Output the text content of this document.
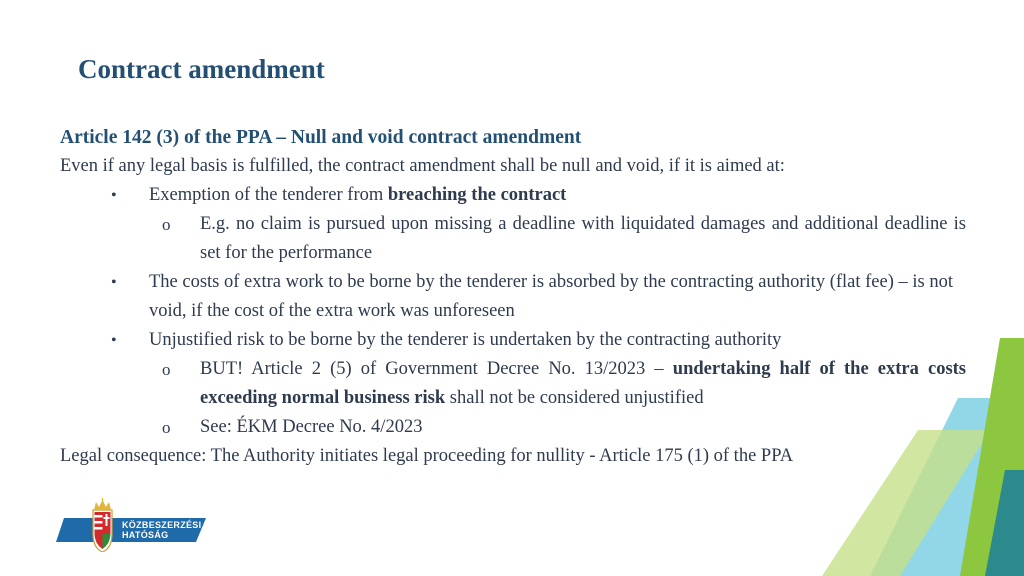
Contract amendment
Article 142 (3) of the PPA – Null and void contract amendment
Even if any legal basis is fulfilled, the contract amendment shall be null and void, if it is aimed at:
• Exemption of the tenderer from breaching the contract
o E.g. no claim is pursued upon missing a deadline with liquidated damages and additional deadline is set for the performance
• The costs of extra work to be borne by the tenderer is absorbed by the contracting authority (flat fee) – is not void, if the cost of the extra work was unforeseen
• Unjustified risk to be borne by the tenderer is undertaken by the contracting authority
o BUT! Article 2 (5) of Government Decree No. 13/2023 – undertaking half of the extra costs exceeding normal business risk shall not be considered unjustified
o See: ÉKM Decree No. 4/2023
Legal consequence: The Authority initiates legal proceeding for nullity - Article 175 (1) of the PPA
KÖZBESZERZÉSI
HATÓSÁG
